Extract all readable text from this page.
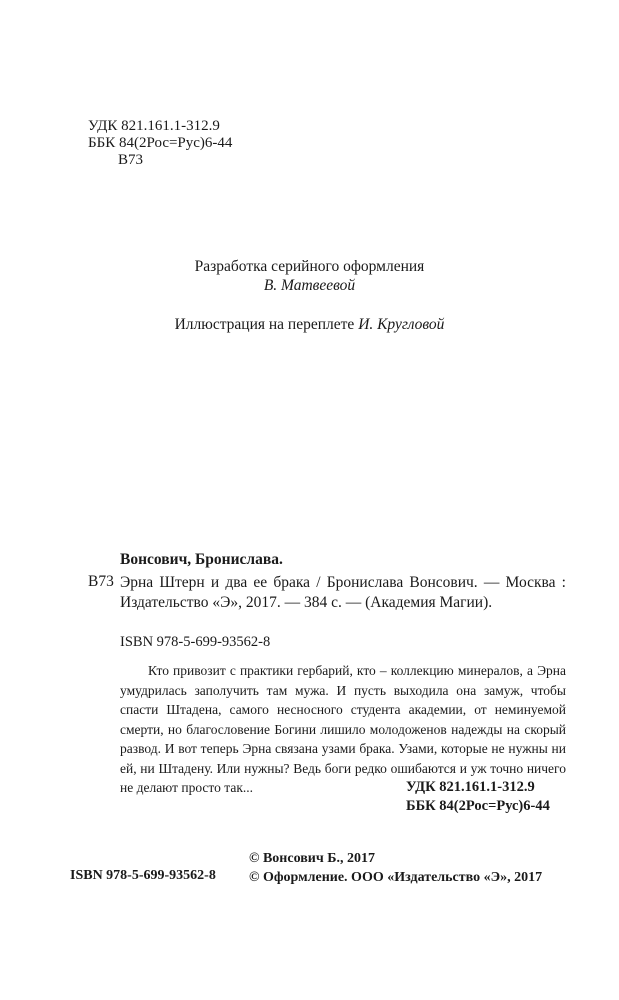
УДК 821.161.1-312.9
ББК 84(2Рос=Рус)6-44
В73
Разработка серийного оформления
В. Матвеевой
Иллюстрация на переплете И. Кругловой
Вонсович, Бронислава.
В73 Эрна Штерн и два ее брака / Бронислава Вонсович. — Москва : Издательство «Э», 2017. — 384 с. — (Академия Магии).
ISBN 978-5-699-93562-8
Кто привозит с практики гербарий, кто – коллекцию минералов, а Эрна умудрилась заполучить там мужа. И пусть выходила она замуж, чтобы спасти Штадена, самого несносного студента академии, от неминуемой смерти, но благословение Богини лишило молодоженов надежды на скорый развод. И вот теперь Эрна связана узами брака. Узами, которые не нужны ни ей, ни Штадену. Или нужны? Ведь боги редко ошибаются и уж точно ничего не делают просто так...	УДК 821.161.1-312.9
ББК 84(2Рос=Рус)6-44
© Вонсович Б., 2017
© Оформление. ООО «Издательство «Э», 2017
ISBN 978-5-699-93562-8
